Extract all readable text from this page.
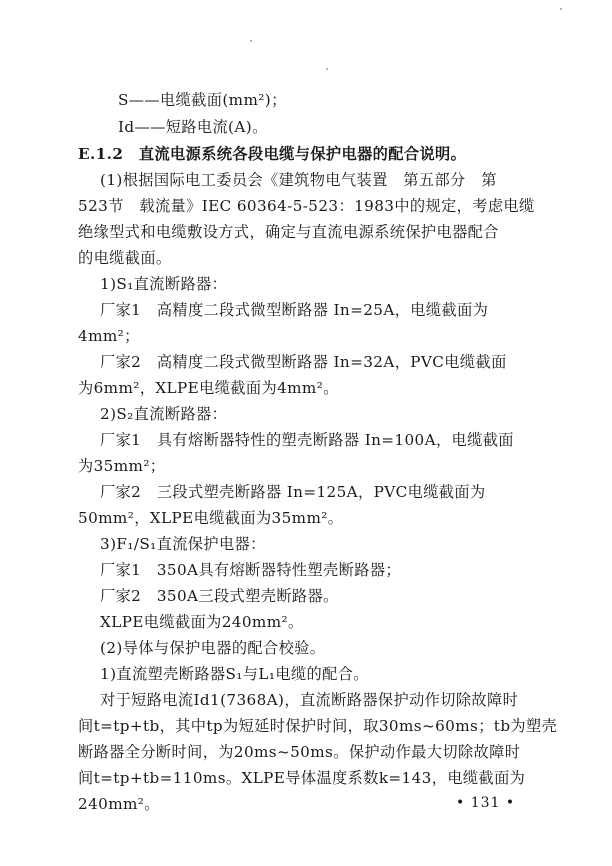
S——电缆截面(mm²)；
Id——短路电流(A)。
E.1.2　直流电源系统各段电缆与保护电器的配合说明。
(1)根据国际电工委员会《建筑物电气装置　第五部分　第
523节　载流量》IEC 60364-5-523：1983中的规定，考虑电缆
绝缘型式和电缆敷设方式，确定与直流电源系统保护电器配合
的电缆截面。
1)S₁直流断路器：
厂家1　高精度二段式微型断路器 In=25A，电缆截面为
4mm²；
厂家2　高精度二段式微型断路器 In=32A，PVC电缆截面
为6mm²，XLPE电缆截面为4mm²。
2)S₂直流断路器：
厂家1　具有熔断器特性的塑壳断路器 In=100A，电缆截面
为35mm²；
厂家2　三段式塑壳断路器 In=125A，PVC电缆截面为
50mm²，XLPE电缆截面为35mm²。
3)F₁/S₁直流保护电器：
厂家1　350A具有熔断器特性塑壳断路器；
厂家2　350A三段式塑壳断路器。
XLPE电缆截面为240mm²。
(2)导体与保护电器的配合校验。
1)直流塑壳断路器S₁与L₁电缆的配合。
对于短路电流Id1(7368A)，直流断路器保护动作切除故障时
间t=tp+tb，其中tp为短延时保护时间，取30ms~60ms；tb为塑壳
断路器全分断时间，为20ms~50ms。保护动作最大切除故障时
间t=tp+tb=110ms。XLPE导体温度系数k=143，电缆截面为
240mm²。	• 131 •
